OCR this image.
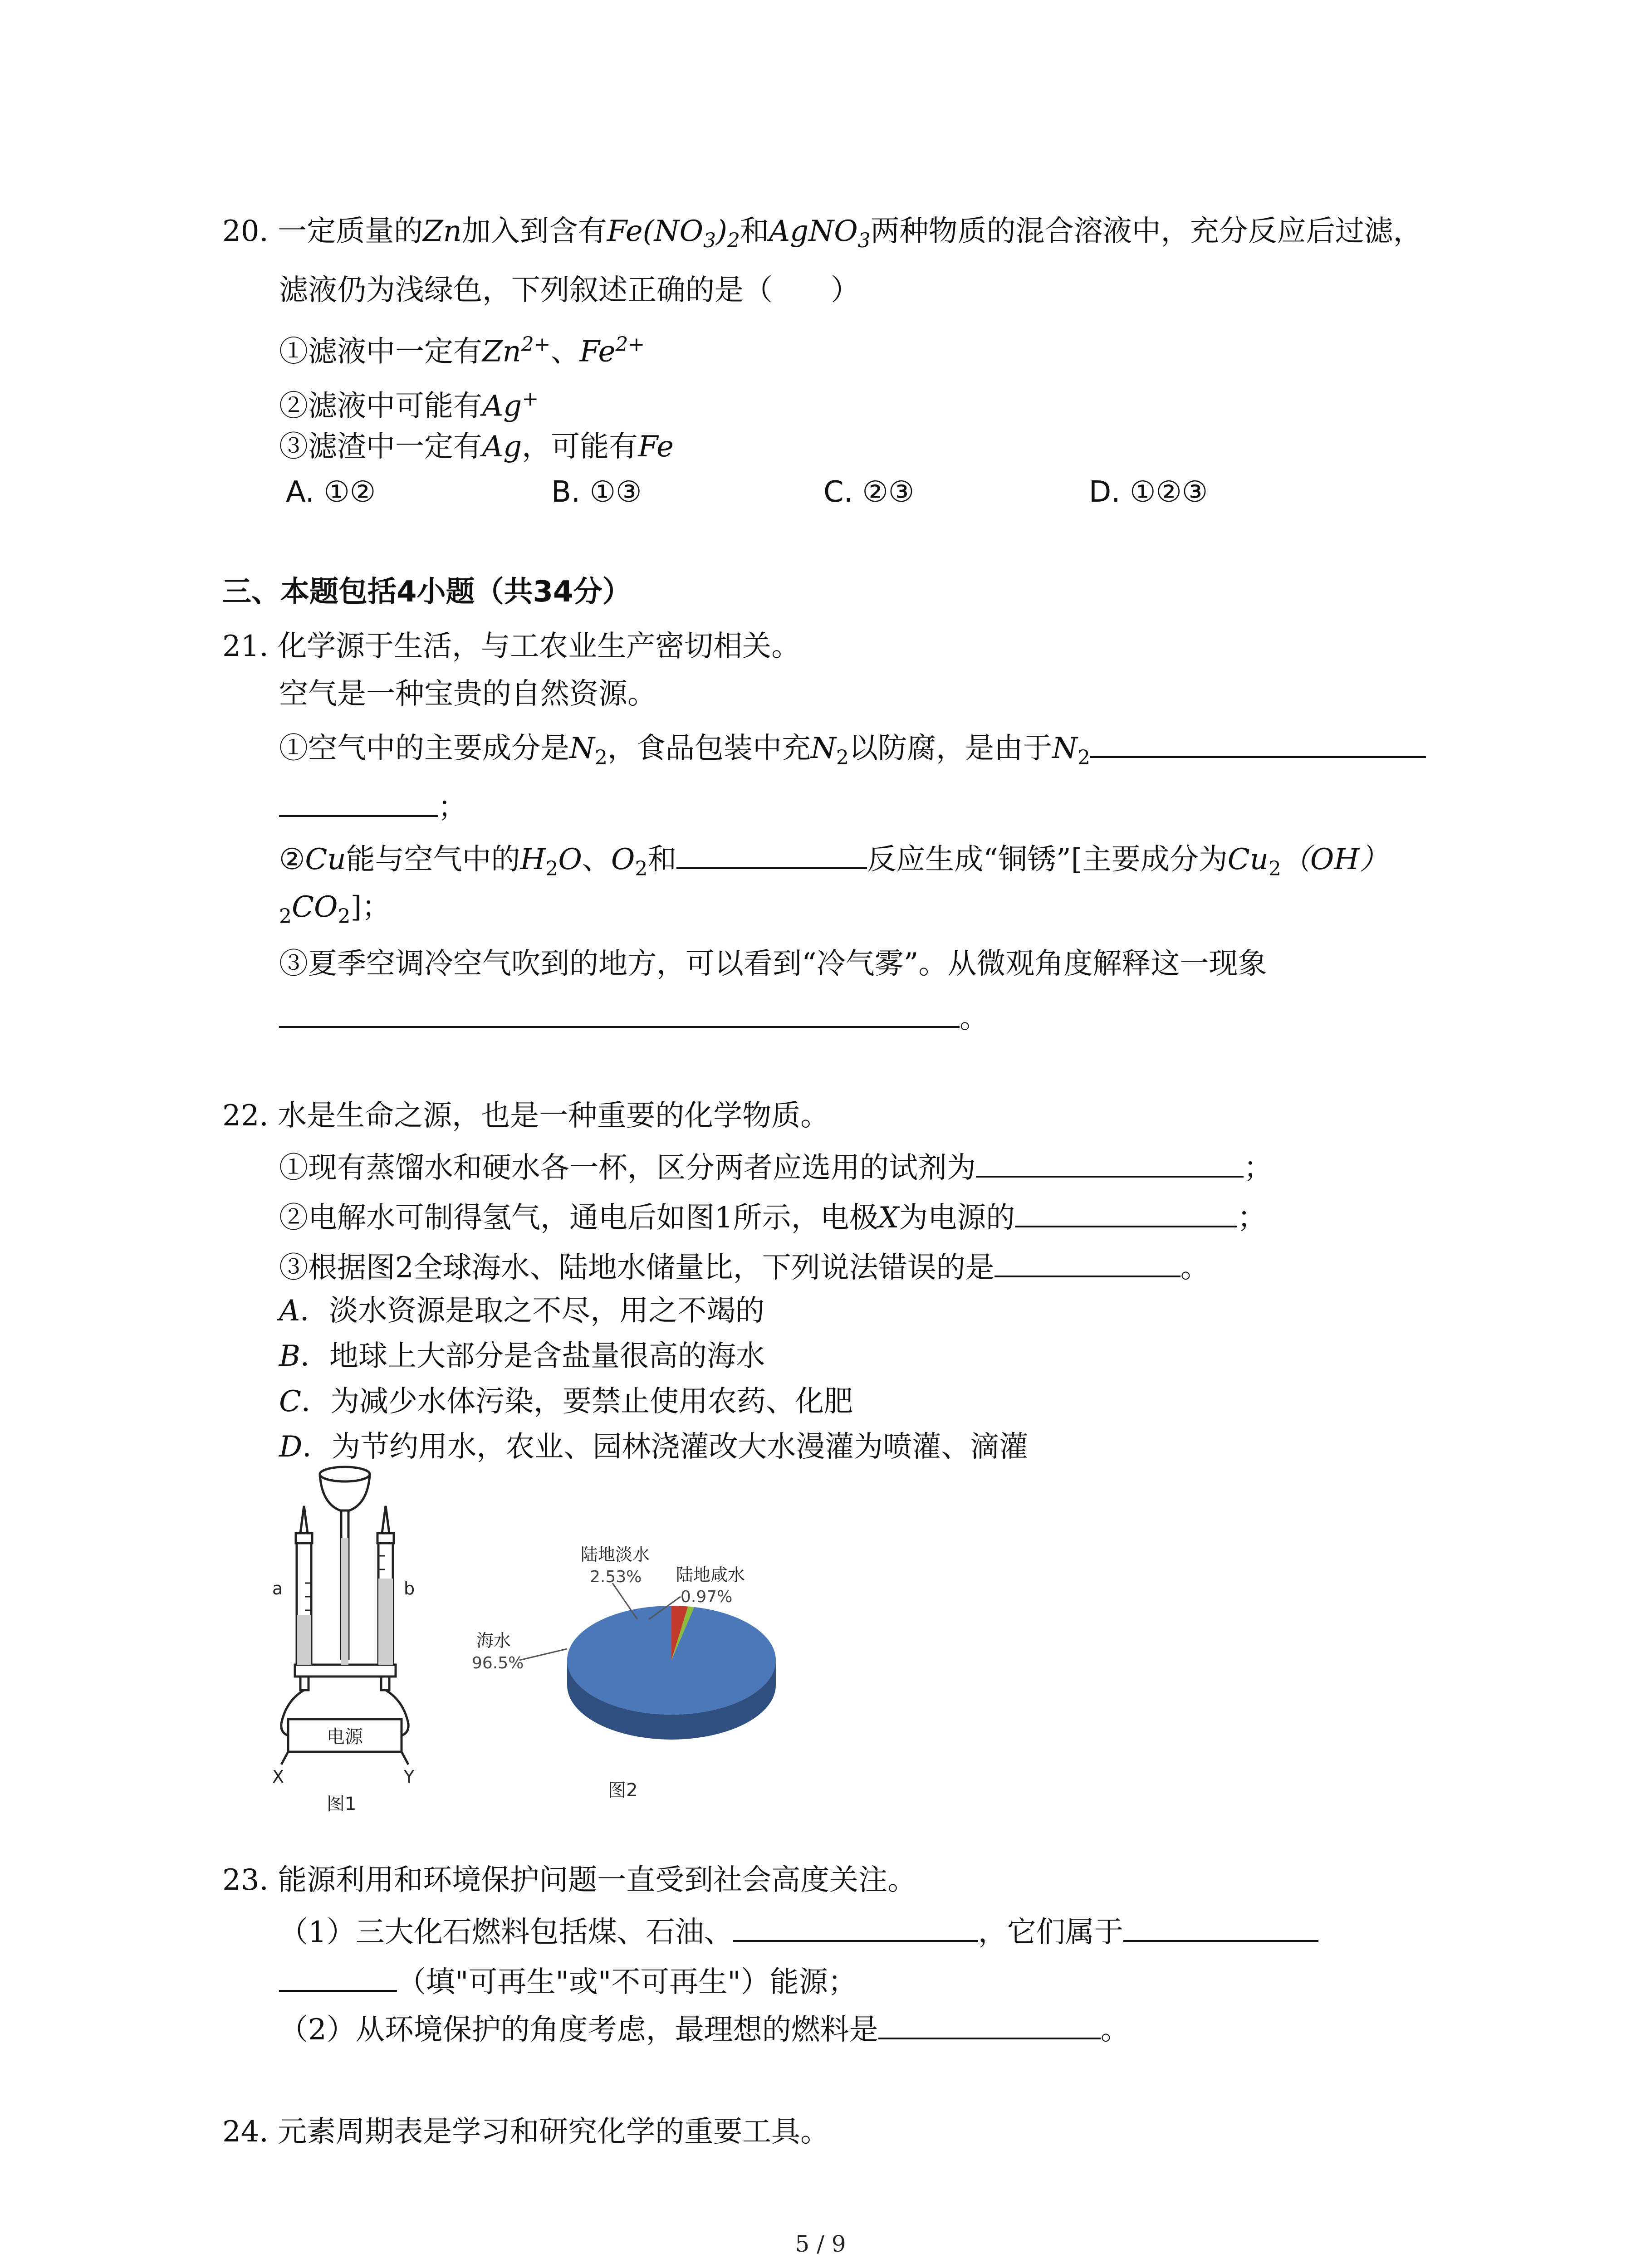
20. 一定质量的Zn加入到含有$Fe(NO_3)_2$和AgNO$_3$两种物质的混合溶液中，充分反应后过滤，
滤液仍为浅绿色，下列叙述正确的是（　　）
①滤液中一定有$Zn^{2+}$、$Fe^{2+}$
②滤液中可能有Ag+
③滤渣中一定有Ag，可能有Fe
A. ①②	B. ①③	C. ②③	D. ①②③
三、本题包括4小题（共34分）
21. 化学源于生活，与工农业生产密切相关。
空气是一种宝贵的自然资源。
①空气中的主要成分是$N_2$，食品包装中充$N_2$以防腐，是由于$N_2$
；
②Cu能与空气中的$H_2O$、$O_2$和	反应生成“铜锈”[主要成分为$Cu_2(OH)$
$_2CO_2$]；
③夏季空调冷空气吹到的地方，可以看到“冷气雾”。从微观角度解释这一现象
。
22. 水是生命之源，也是一种重要的化学物质。
①现有蒸馏水和硬水各一杯，区分两者应选用的试剂为	；
②电解水可制得氢气，通电后如图1所示，电极X为电源的	；
③根据图2全球海水、陆地水储量比，下列说法错误的是	。
A．淡水资源是取之不尽，用之不竭的
B．地球上大部分是含盐量很高的海水
C．为减少水体污染，要禁止使用农药、化肥
D．为节约用水，农业、园林浇灌改大水漫灌为喷灌、滴灌
a	b
电源
X	Y
图1
陆地淡水
2.53% 陆地咸水
0.97%
海水
96.5%
图2
23. 能源利用和环境保护问题一直受到社会高度关注。
（1）三大化石燃料包括煤、石油、	，它们属于
（填"可再生"或"不可再生"）能源；
（2）从环境保护的角度考虑，最理想的燃料是	。
24. 元素周期表是学习和研究化学的重要工具。
5 / 9
